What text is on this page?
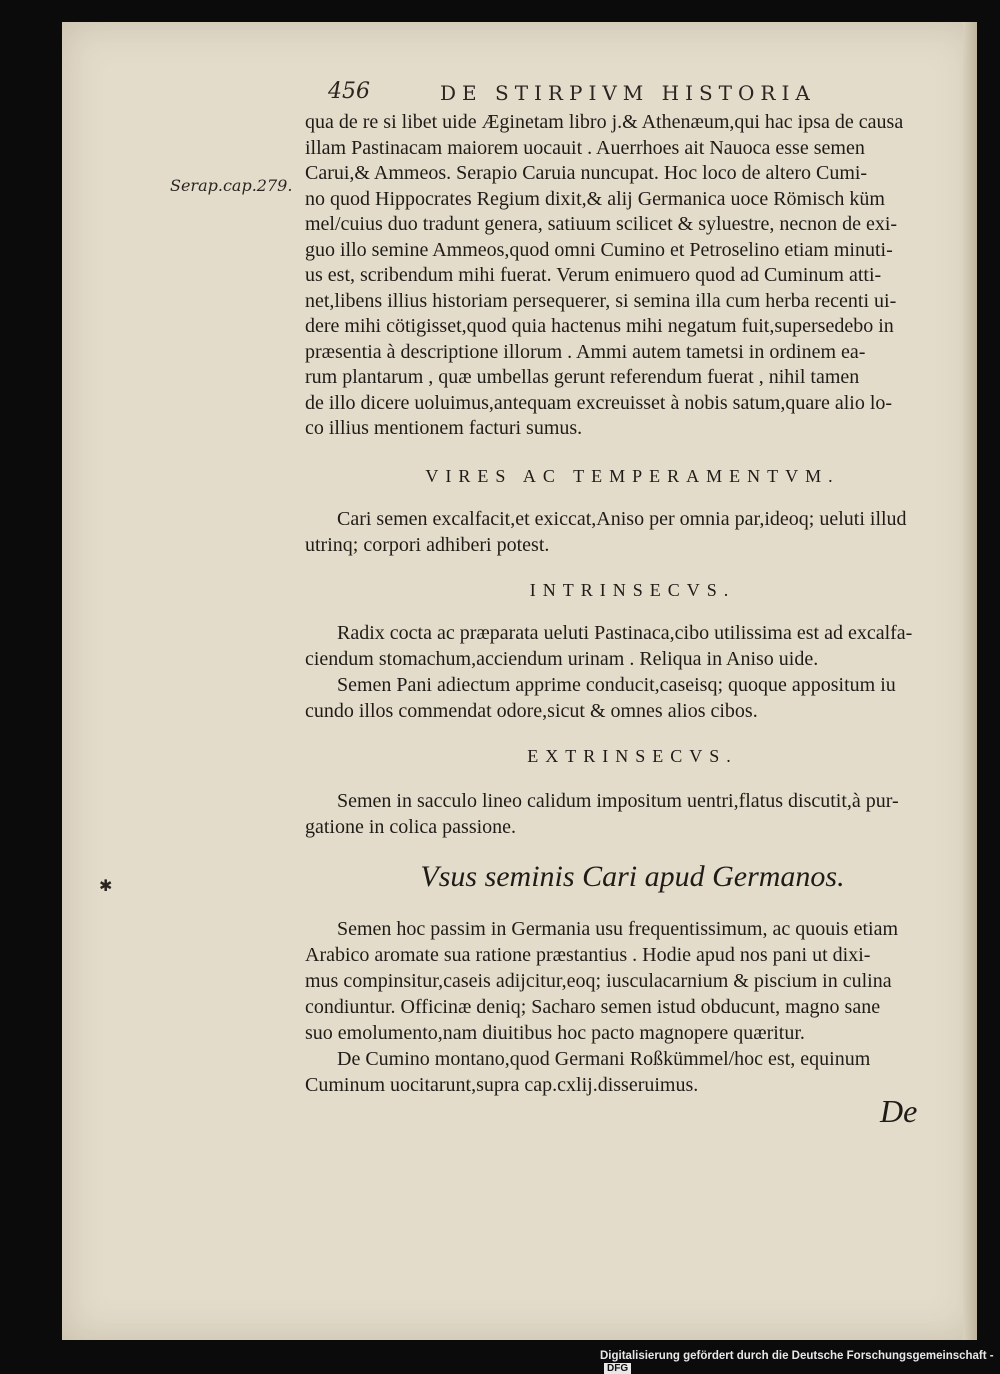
456	DE STIRPIVM HISTORIA
Serap.cap.279.
qua de re si libet uide Æginetam libro j.& Athenæum,qui hac ipsa de causa
illam Pastinacam maiorem uocauit . Auerrhoes ait Nauoca esse semen
Carui,& Ammeos. Serapio Caruia nuncupat. Hoc loco de altero Cumi-
no quod Hippocrates Regium dixit,& alij Germanica uoce Römisch küm
mel/cuius duo tradunt genera, satiuum scilicet & syluestre, necnon de exi-
guo illo semine Ammeos,quod omni Cumino et Petroselino etiam minuti-
us est, scribendum mihi fuerat. Verum enimuero quod ad Cuminum atti-
net,libens illius historiam persequerer, si semina illa cum herba recenti ui-
dere mihi cötigisset,quod quia hactenus mihi negatum fuit,supersedebo in
præsentia à descriptione illorum . Ammi autem tametsi in ordinem ea-
rum plantarum , quæ umbellas gerunt referendum fuerat , nihil tamen
de illo dicere uoluimus,antequam excreuisset à nobis satum,quare alio lo-
co illius mentionem facturi sumus.
VIRES AC TEMPERAMENTVM.
Cari semen excalfacit,et exiccat,Aniso per omnia par,ideoq; ueluti illud
utrinq; corpori adhiberi potest.
INTRINSECVS.
Radix cocta ac præparata ueluti Pastinaca,cibo utilissima est ad excalfa-
ciendum stomachum,acciendum urinam . Reliqua in Aniso uide.
Semen Pani adiectum apprime conducit,caseisq; quoque appositum iu
cundo illos commendat odore,sicut & omnes alios cibos.
EXTRINSECVS.
Semen in sacculo lineo calidum impositum uentri,flatus discutit,à pur-
gatione in colica passione.
✱	Vsus seminis Cari apud Germanos.
Semen hoc passim in Germania usu frequentissimum, ac quouis etiam
Arabico aromate sua ratione præstantius . Hodie apud nos pani ut dixi-
mus compinsitur,caseis adijcitur,eoq; iusculacarnium & piscium in culina
condiuntur. Officinæ deniq; Sacharo semen istud obducunt, magno sane
suo emolumento,nam diuitibus hoc pacto magnopere quæritur.
De Cumino montano,quod Germani Roßkümmel/hoc est, equinum
Cuminum uocitarunt,supra cap.cxlij.disseruimus.
De
Digitalisierung gefördert durch die Deutsche Forschungsgemeinschaft -DFG
